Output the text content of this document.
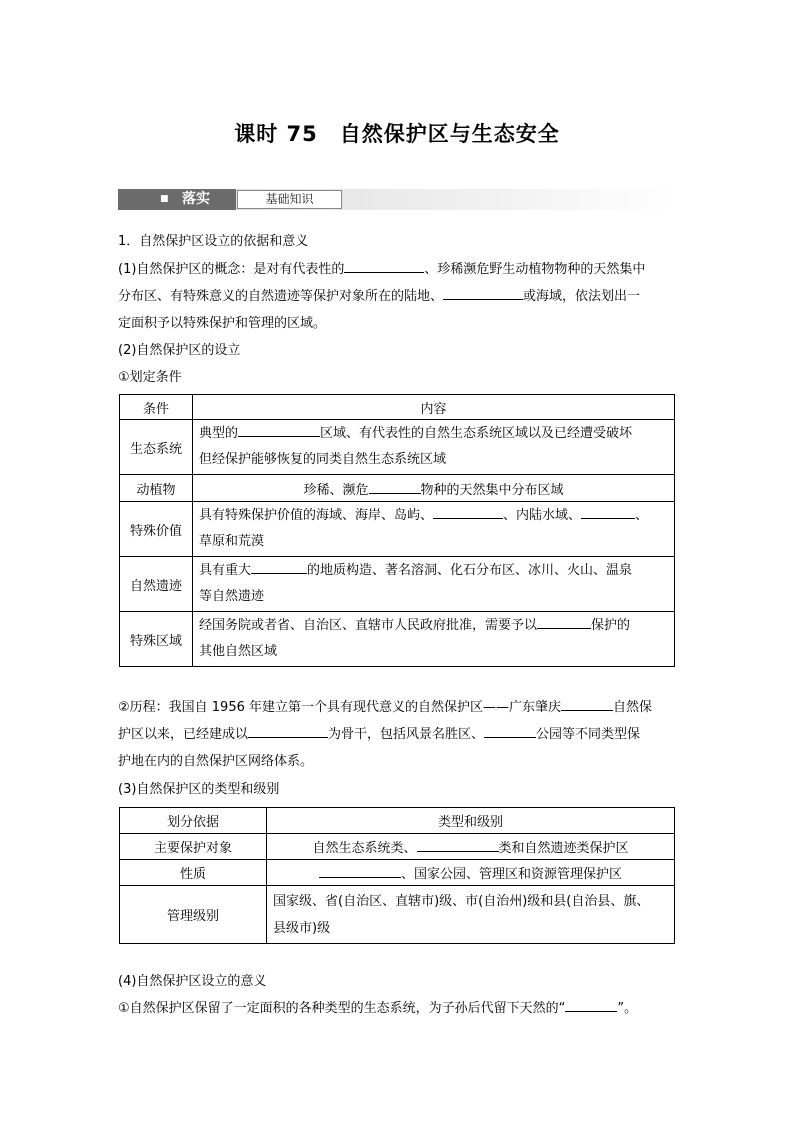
课时 75　自然保护区与生态安全
■ 落实	基础知识
1．自然保护区设立的依据和意义
(1)自然保护区的概念：是对有代表性的	、珍稀濒危野生动植物物种的天然集中
分布区、有特殊意义的自然遗迹等保护对象所在的陆地、	或海域，依法划出一
定面积予以特殊保护和管理的区域。
(2)自然保护区的设立
①划定条件
条件	内容
生态系统	典型的 区域、有代表性的自然生态系统区域以及已经遭受破坏
但经保护能够恢复的同类自然生态系统区域
动植物	珍稀、濒危 物种的天然集中分布区域
特殊价值	具有特殊保护价值的海域、海岸、岛屿、 、内陆水域、 、
草原和荒漠
自然遗迹	具有重大 的地质构造、著名溶洞、化石分布区、冰川、火山、温泉
等自然遗迹
特殊区域	经国务院或者省、自治区、直辖市人民政府批准，需要予以 保护的
其他自然区域
②历程：我国自 1956 年建立第一个具有现代意义的自然保护区——广东肇庆	自然保
护区以来，已经建成以	为骨干，包括风景名胜区、	公园等不同类型保
护地在内的自然保护区网络体系。
(3)自然保护区的类型和级别
划分依据	类型和级别
主要保护对象	自然生态系统类、 类和自然遗迹类保护区
性质	、国家公园、管理区和资源管理保护区
管理级别	国家级、省(自治区、直辖市)级、市(自治州)级和县(自治县、旗、
县级市)级
(4)自然保护区设立的意义
①自然保护区保留了一定面积的各种类型的生态系统，为子孙后代留下天然的“	”。
